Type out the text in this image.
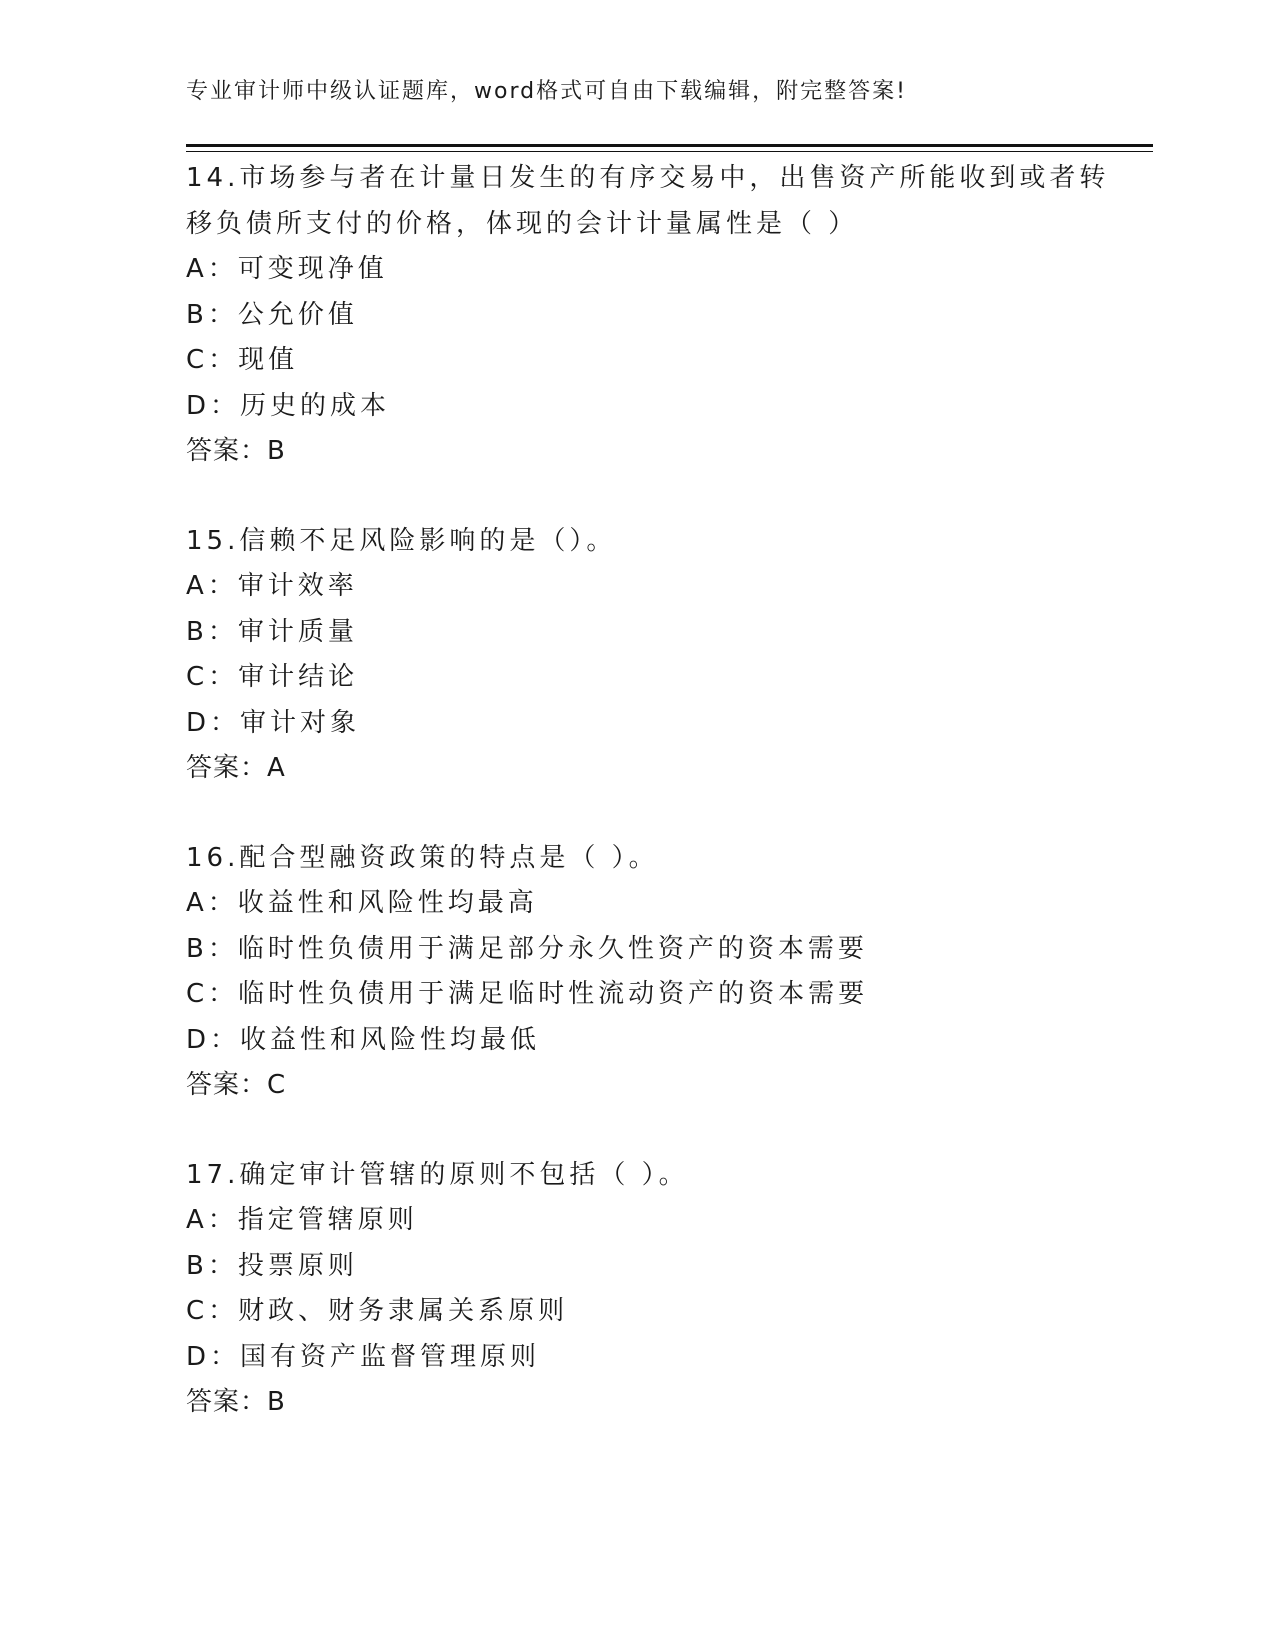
专业审计师中级认证题库，word格式可自由下载编辑，附完整答案!
14.市场参与者在计量日发生的有序交易中，出售资产所能收到或者转
移负债所支付的价格，体现的会计计量属性是（ ）
A：可变现净值
B：公允价值
C：现值
D：历史的成本
答案：B
15.信赖不足风险影响的是（）。
A：审计效率
B：审计质量
C：审计结论
D：审计对象
答案：A
16.配合型融资政策的特点是（ ）。
A：收益性和风险性均最高
B：临时性负债用于满足部分永久性资产的资本需要
C：临时性负债用于满足临时性流动资产的资本需要
D：收益性和风险性均最低
答案：C
17.确定审计管辖的原则不包括（ ）。
A：指定管辖原则
B：投票原则
C：财政、财务隶属关系原则
D：国有资产监督管理原则
答案：B
